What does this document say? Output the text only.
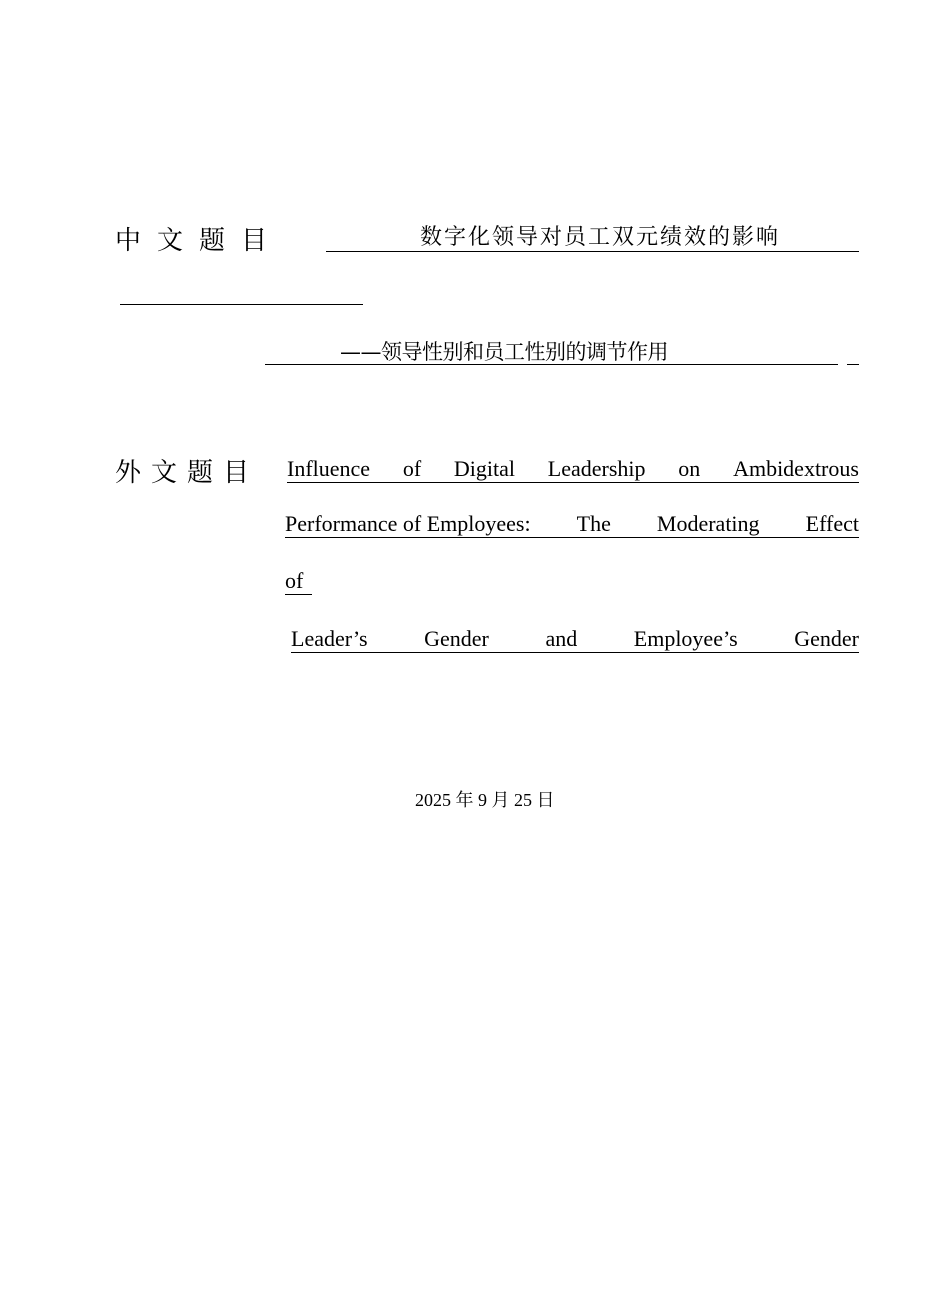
中文题目	数字化领导对员工双元绩效的影响
——领导性别和员工性别的调节作用
外文题目 Influence of Digital Leadership on Ambidextrous
Performance of Employees: The Moderating Effect
of
Leader’s	Gender	and	Employee’s	Gender
2025 年 9 月 25 日
